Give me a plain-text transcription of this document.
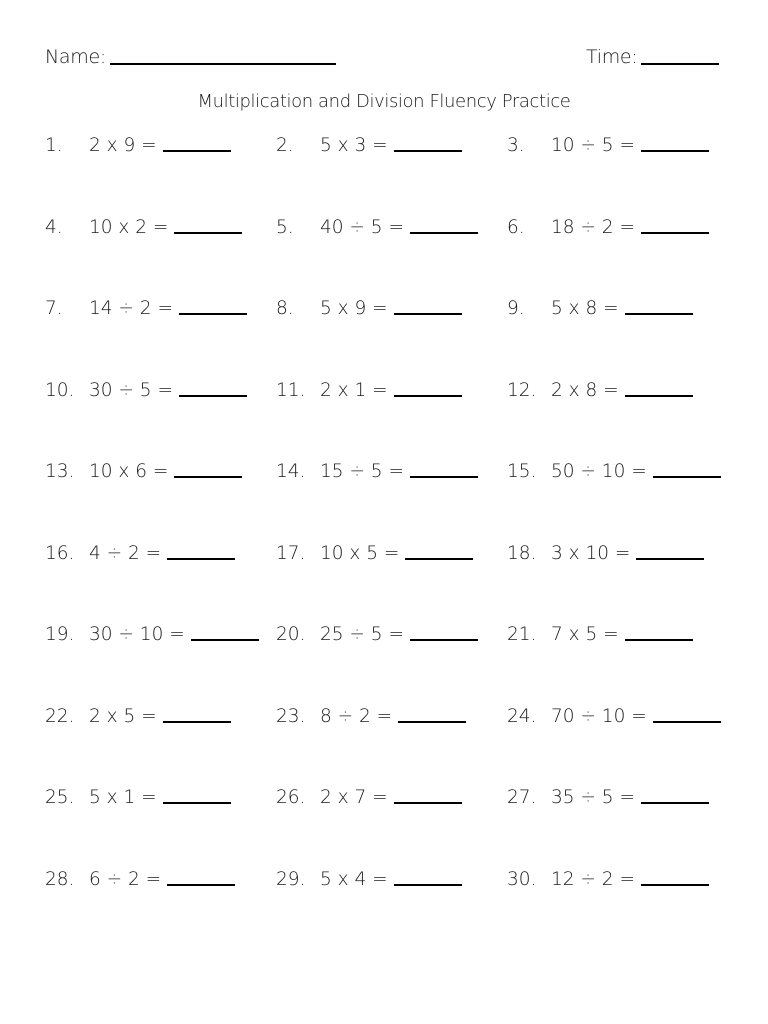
Name:	Time:
Multiplication and Division Fluency Practice
1. 2 x 9 =	2. 5 x 3 =	3. 10 ÷ 5 =
4. 10 x 2 =	5. 40 ÷ 5 =	6. 18 ÷ 2 =
7. 14 ÷ 2 =	8. 5 x 9 =	9. 5 x 8 =
10. 30 ÷ 5 =	11. 2 x 1 =	12. 2 x 8 =
13. 10 x 6 =	14. 15 ÷ 5 =	15. 50 ÷ 10 =
16. 4 ÷ 2 =	17. 10 x 5 =	18. 3 x 10 =
19. 30 ÷ 10 =	20. 25 ÷ 5 =	21. 7 x 5 =
22. 2 x 5 =	23. 8 ÷ 2 =	24. 70 ÷ 10 =
25. 5 x 1 =	26. 2 x 7 =	27. 35 ÷ 5 =
28. 6 ÷ 2 =	29. 5 x 4 =	30. 12 ÷ 2 =
